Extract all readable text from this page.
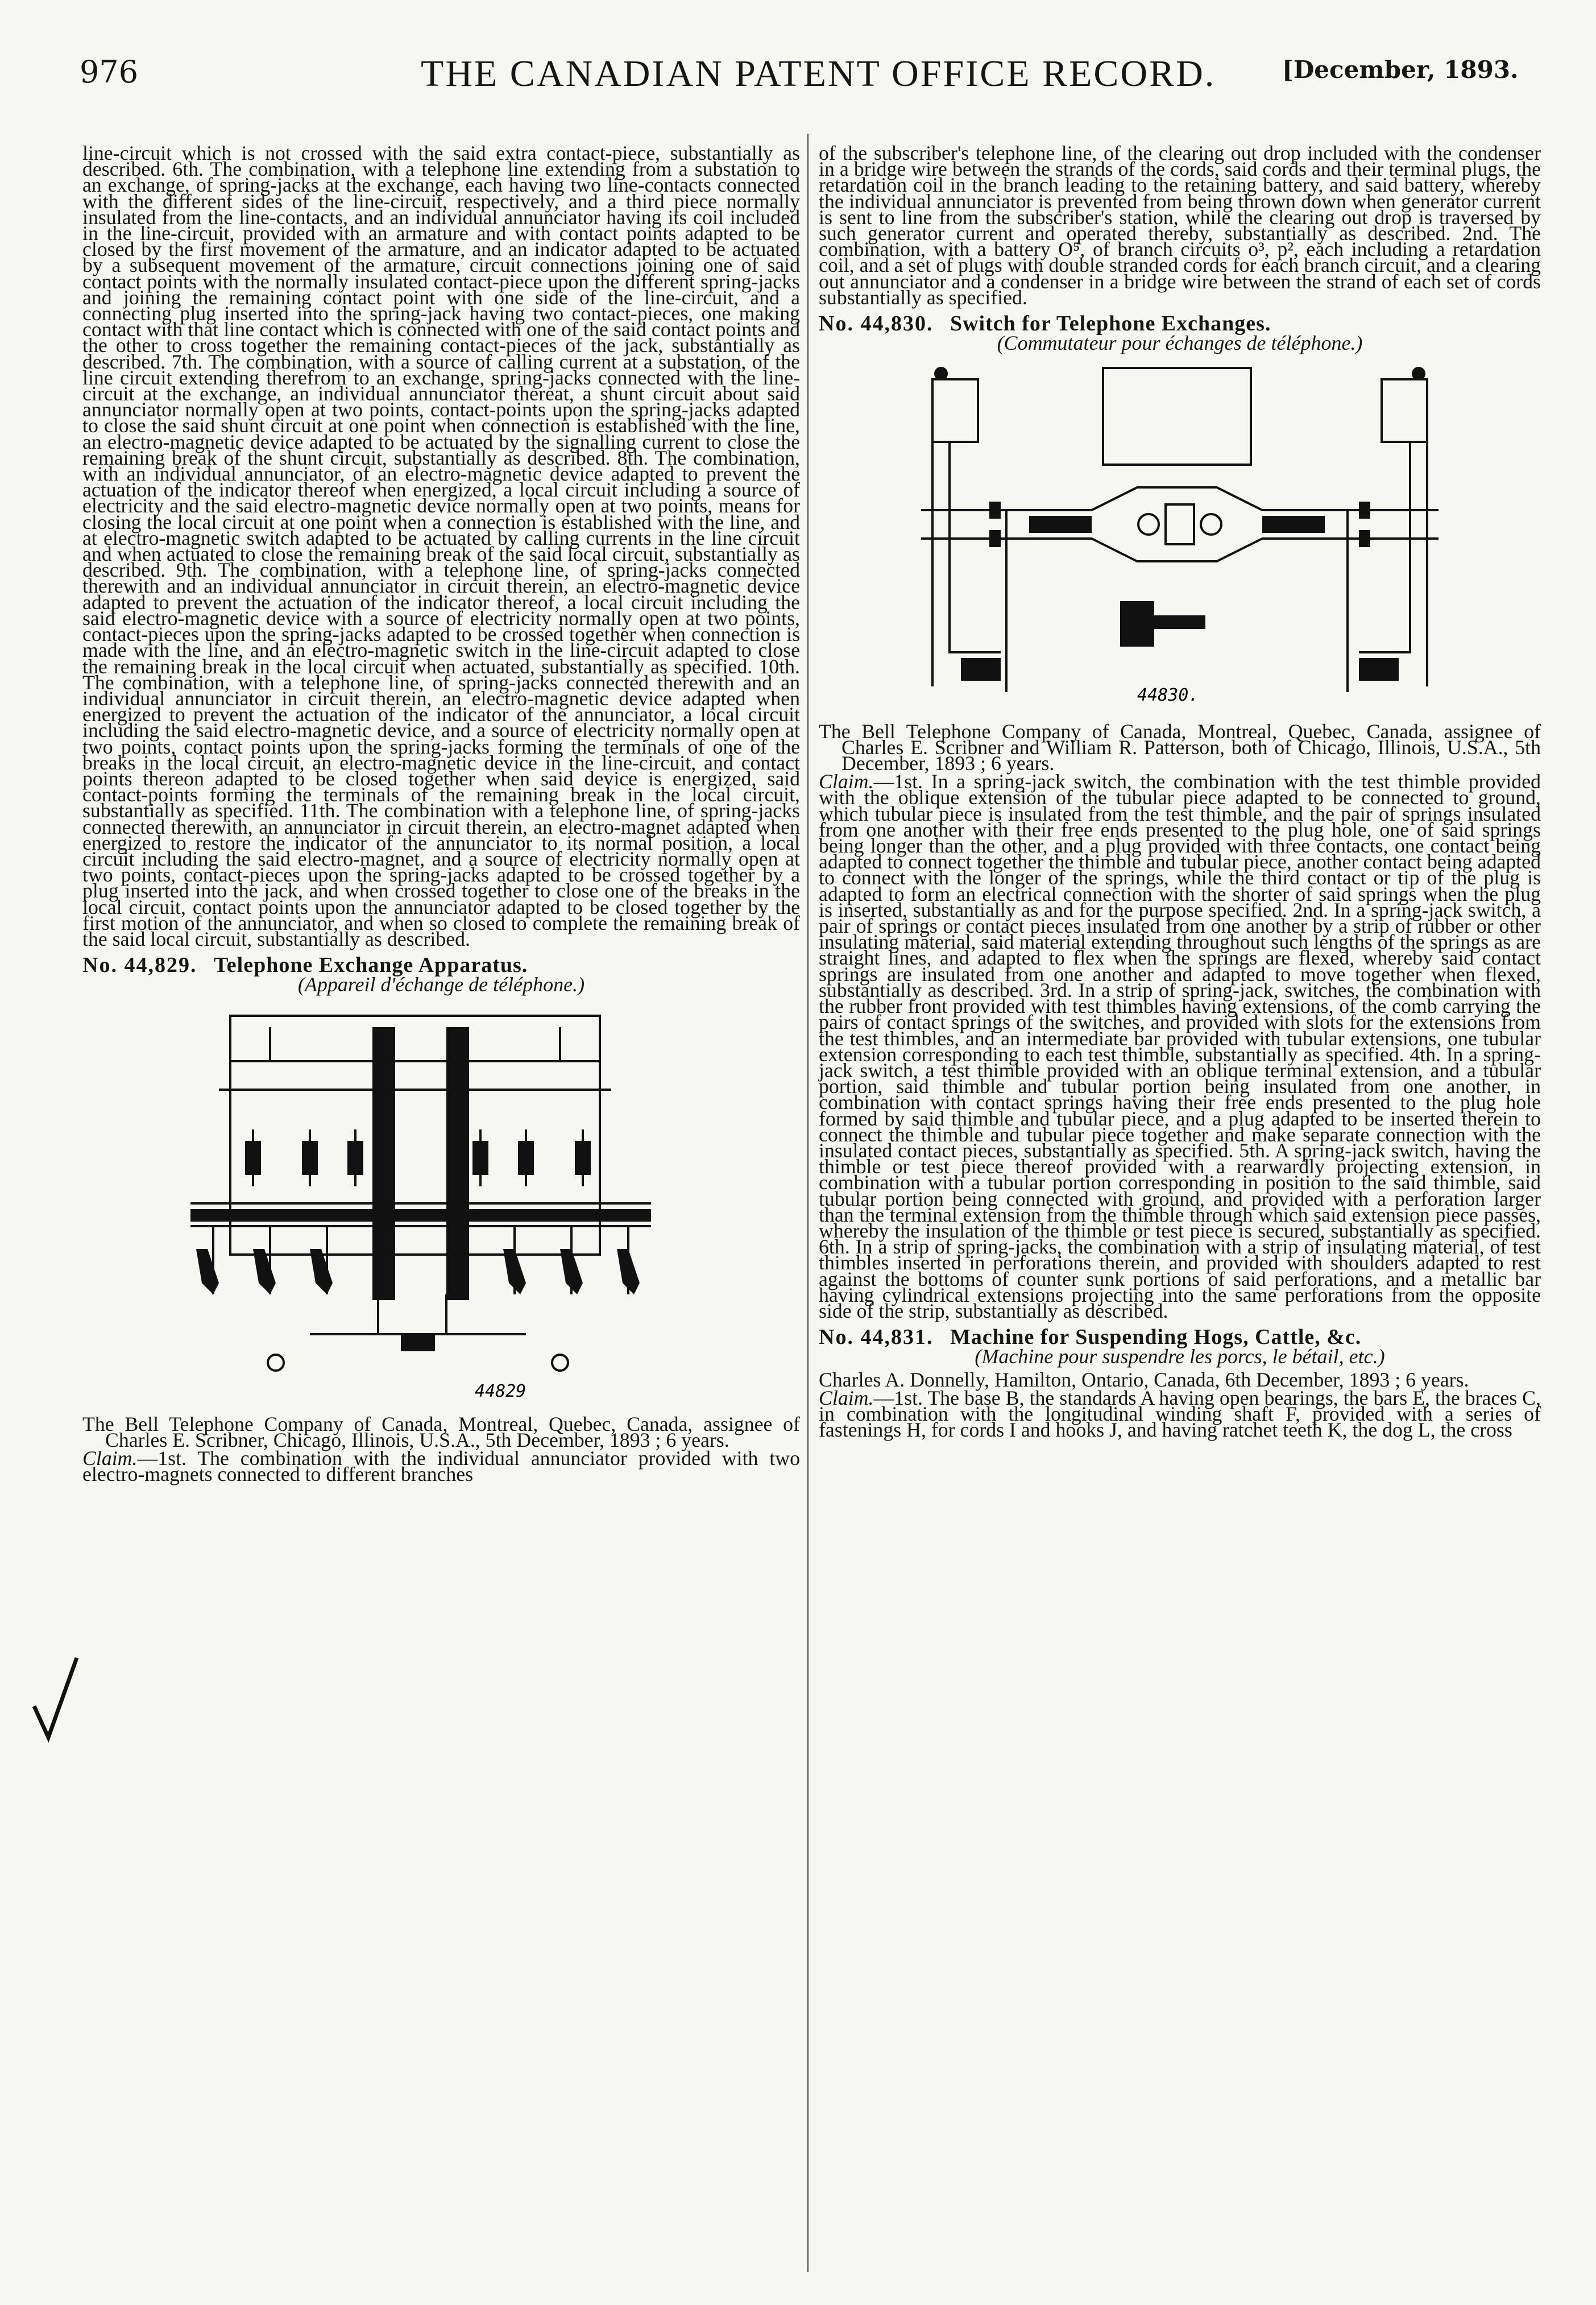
976	THE CANADIAN PATENT OFFICE RECORD.	[December, 1893.

line-circuit which is not crossed with the said extra contact-piece, substantially as described. 6th. The combination, with a telephone line extending from a substation to an exchange, of spring-jacks at the exchange, each having two line-contacts connected with the different sides of the line-circuit, respectively, and a third piece normally insulated from the line-contacts, and an individual annunciator having its coil included in the line-circuit, provided with an armature and with contact points adapted to be closed by the first movement of the armature, and an indicator adapted to be actuated by a subsequent movement of the armature, circuit connections joining one of said contact points with the normally insulated contact-piece upon the different spring-jacks and joining the remaining contact point with one side of the line-circuit, and a connecting plug inserted into the spring-jack having two contact-pieces, one making contact with that line contact which is connected with one of the said contact points and the other to cross together the remaining contact-pieces of the jack, substantially as described. 7th. The combination, with a source of calling current at a substation, of the line circuit extending therefrom to an exchange, spring-jacks connected with the line-circuit at the exchange, an individual annunciator thereat, a shunt circuit about said annunciator normally open at two points, contact-points upon the spring-jacks adapted to close the said shunt circuit at one point when connection is established with the line, an electro-magnetic device adapted to be actuated by the signalling current to close the remaining break of the shunt circuit, substantially as described. 8th. The combination, with an individual annunciator, of an electro-magnetic device adapted to prevent the actuation of the indicator thereof when energized, a local circuit including a source of electricity and the said electro-magnetic device normally open at two points, means for closing the local circuit at one point when a connection is established with the line, and at electro-magnetic switch adapted to be actuated by calling currents in the line circuit and when actuated to close the remaining break of the said local circuit, substantially as described. 9th. The combination, with a telephone line, of spring-jacks connected therewith and an individual annunciator in circuit therein, an electro-magnetic device adapted to prevent the actuation of the indicator thereof, a local circuit including the said electro-magnetic device with a source of electricity normally open at two points, contact-pieces upon the spring-jacks adapted to be crossed together when connection is made with the line, and an electro-magnetic switch in the line-circuit adapted to close the remaining break in the local circuit when actuated, substantially as specified. 10th. The combination, with a telephone line, of spring-jacks connected therewith and an individual annunciator in circuit therein, an electro-magnetic device adapted when energized to prevent the actuation of the indicator of the annunciator, a local circuit including the said electro-magnetic device, and a source of electricity normally open at two points, contact points upon the spring-jacks forming the terminals of one of the breaks in the local circuit, an electro-magnetic device in the line-circuit, and contact points thereon adapted to be closed together when said device is energized, said contact-points forming the terminals of the remaining break in the local circuit, substantially as specified. 11th. The combination with a telephone line, of spring-jacks connected therewith, an annunciator in circuit therein, an electro-magnet adapted when energized to restore the indicator of the annunciator to its normal position, a local circuit including the said electro-magnet, and a source of electricity normally open at two points, contact-pieces upon the spring-jacks adapted to be crossed together by a plug inserted into the jack, and when crossed together to close one of the breaks in the local circuit, contact points upon the annunciator adapted to be closed together by the first motion of the annunciator, and when so closed to complete the remaining break of the said local circuit, substantially as described.

No. 44,829. Telephone Exchange Apparatus.
(Appareil d'échange de téléphone.)
44829

The Bell Telephone Company of Canada, Montreal, Quebec, Canada, assignee of Charles E. Scribner, Chicago, Illinois, U.S.A., 5th December, 1893 ; 6 years.

Claim.—1st. The combination with the individual annunciator provided with two electro-magnets connected to different branches

of the subscriber's telephone line, of the clearing out drop included with the condenser in a bridge wire between the strands of the cords, said cords and their terminal plugs, the retardation coil in the branch leading to the retaining battery, and said battery, whereby the individual annunciator is prevented from being thrown down when generator current is sent to line from the subscriber's station, while the clearing out drop is traversed by such generator current and operated thereby, substantially as described. 2nd. The combination, with a battery O⁵, of branch circuits o³, p², each including a retardation coil, and a set of plugs with double stranded cords for each branch circuit, and a clearing out annunciator and a condenser in a bridge wire between the strand of each set of cords substantially as specified.

No. 44,830. Switch for Telephone Exchanges.
(Commutateur pour échanges de téléphone.)
44830.

The Bell Telephone Company of Canada, Montreal, Quebec, Canada, assignee of Charles E. Scribner and William R. Patterson, both of Chicago, Illinois, U.S.A., 5th December, 1893 ; 6 years.

Claim.—1st. In a spring-jack switch, the combination with the test thimble provided with the oblique extension of the tubular piece adapted to be connected to ground, which tubular piece is insulated from the test thimble, and the pair of springs insulated from one another with their free ends presented to the plug hole, one of said springs being longer than the other, and a plug provided with three contacts, one contact being adapted to connect together the thimble and tubular piece, another contact being adapted to connect with the longer of the springs, while the third contact or tip of the plug is adapted to form an electrical connection with the shorter of said springs when the plug is inserted, substantially as and for the purpose specified. 2nd. In a spring-jack switch, a pair of springs or contact pieces insulated from one another by a strip of rubber or other insulating material, said material extending throughout such lengths of the springs as are straight lines, and adapted to flex when the springs are flexed, whereby said contact springs are insulated from one another and adapted to move together when flexed, substantially as described. 3rd. In a strip of spring-jack, switches, the combination with the rubber front provided with test thimbles having extensions, of the comb carrying the pairs of contact springs of the switches, and provided with slots for the extensions from the test thimbles, and an intermediate bar provided with tubular extensions, one tubular extension corresponding to each test thimble, substantially as specified. 4th. In a spring-jack switch, a test thimble provided with an oblique terminal extension, and a tubular portion, said thimble and tubular portion being insulated from one another, in combination with contact springs having their free ends presented to the plug hole formed by said thimble and tubular piece, and a plug adapted to be inserted therein to connect the thimble and tubular piece together and make separate connection with the insulated contact pieces, substantially as specified. 5th. A spring-jack switch, having the thimble or test piece thereof provided with a rearwardly projecting extension, in combination with a tubular portion corresponding in position to the said thimble, said tubular portion being connected with ground, and provided with a perforation larger than the terminal extension from the thimble through which said extension piece passes, whereby the insulation of the thimble or test piece is secured, substantially as specified. 6th. In a strip of spring-jacks, the combination with a strip of insulating material, of test thimbles inserted in perforations therein, and provided with shoulders adapted to rest against the bottoms of counter sunk portions of said perforations, and a metallic bar having cylindrical extensions projecting into the same perforations from the opposite side of the strip, substantially as described.

No. 44,831. Machine for Suspending Hogs, Cattle, &c.
(Machine pour suspendre les porcs, le bétail, etc.)

Charles A. Donnelly, Hamilton, Ontario, Canada, 6th December, 1893 ; 6 years.

Claim.—1st. The base B, the standards A having open bearings, the bars E, the braces C, in combination with the longitudinal winding shaft F, provided with a series of fastenings H, for cords I and hooks J, and having ratchet teeth K, the dog L, the cross
